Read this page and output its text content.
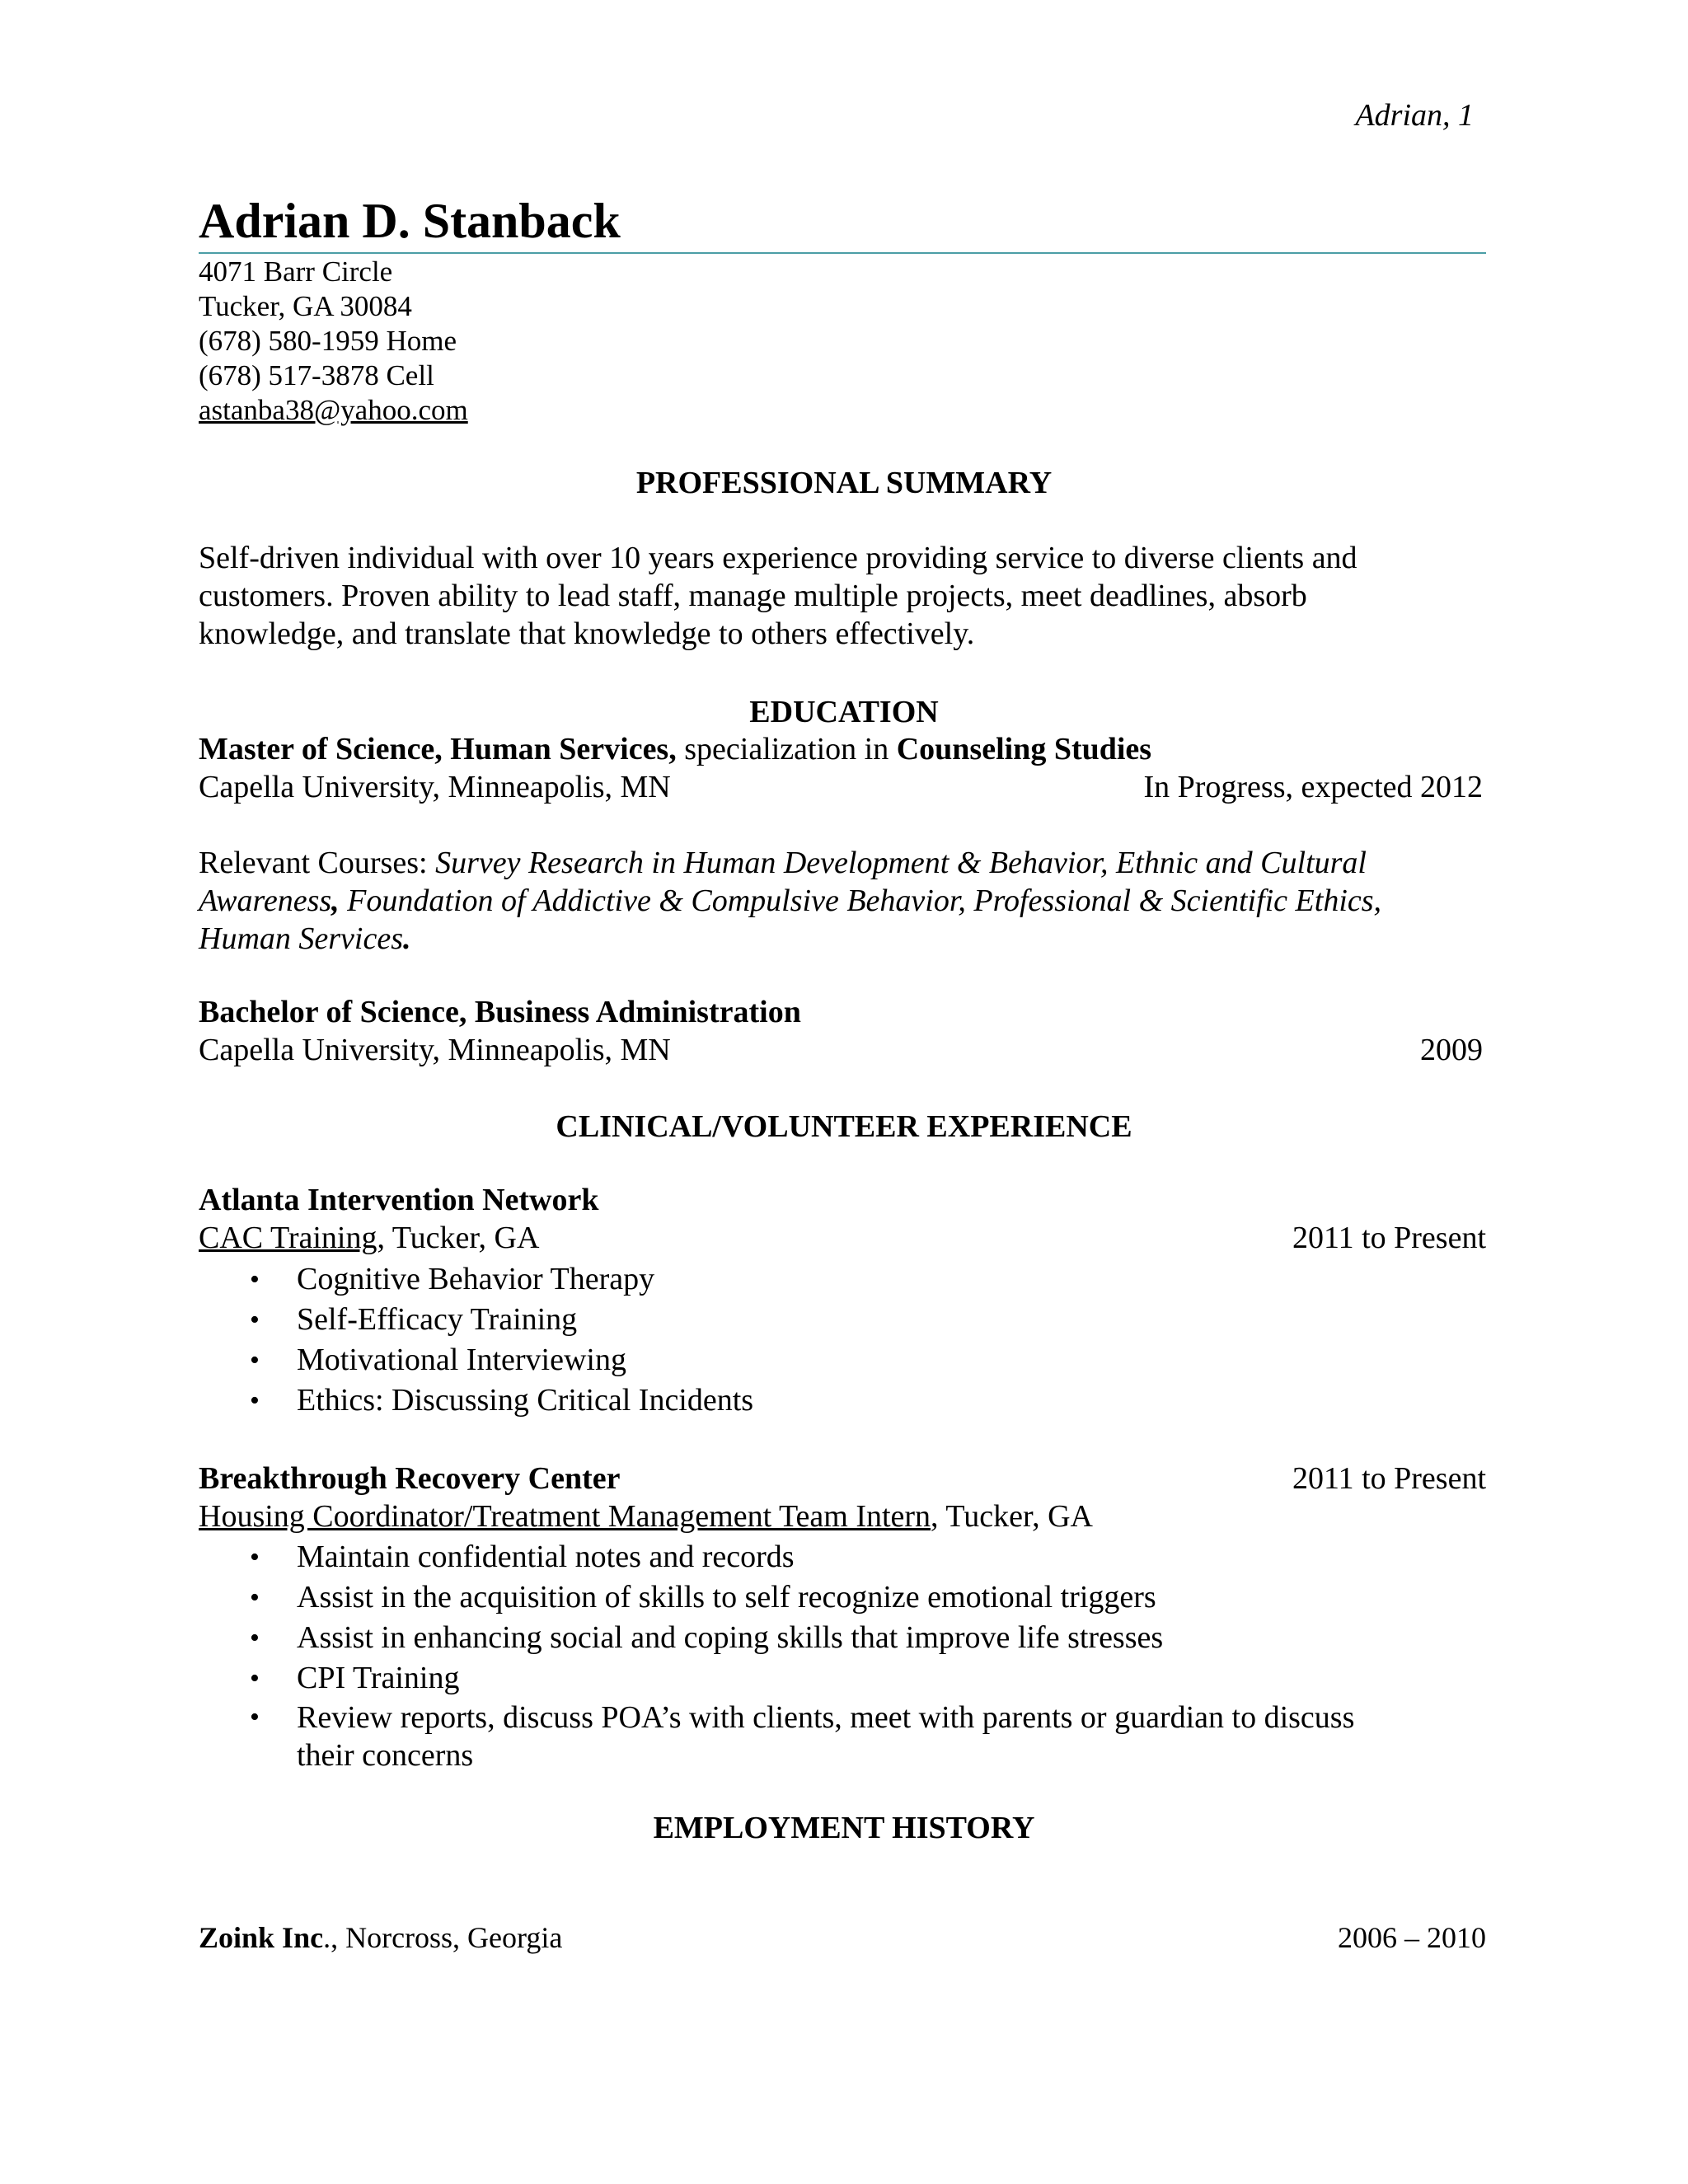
Adrian, 1
Adrian D. Stanback
4071 Barr Circle
Tucker, GA 30084
(678) 580-1959 Home
(678) 517-3878 Cell
astanba38@yahoo.com
PROFESSIONAL SUMMARY
Self-driven individual with over 10 years experience providing service to diverse clients and
customers. Proven ability to lead staff, manage multiple projects, meet deadlines, absorb
knowledge, and translate that knowledge to others effectively.
EDUCATION
Master of Science, Human Services, specialization in Counseling Studies
Capella University, Minneapolis, MN	In Progress, expected 2012
Relevant Courses: Survey Research in Human Development & Behavior, Ethnic and Cultural
Awareness, Foundation of Addictive & Compulsive Behavior, Professional & Scientific Ethics,
Human Services.
Bachelor of Science, Business Administration
Capella University, Minneapolis, MN	2009
CLINICAL/VOLUNTEER EXPERIENCE
Atlanta Intervention Network
CAC Training, Tucker, GA	2011 to Present
• Cognitive Behavior Therapy
• Self-Efficacy Training
• Motivational Interviewing
• Ethics: Discussing Critical Incidents
Breakthrough Recovery Center	2011 to Present
Housing Coordinator/Treatment Management Team Intern, Tucker, GA
• Maintain confidential notes and records
• Assist in the acquisition of skills to self recognize emotional triggers
• Assist in enhancing social and coping skills that improve life stresses
• CPI Training
• Review reports, discuss POA’s with clients, meet with parents or guardian to discuss
their concerns
EMPLOYMENT HISTORY
Zoink Inc., Norcross, Georgia	2006 – 2010
